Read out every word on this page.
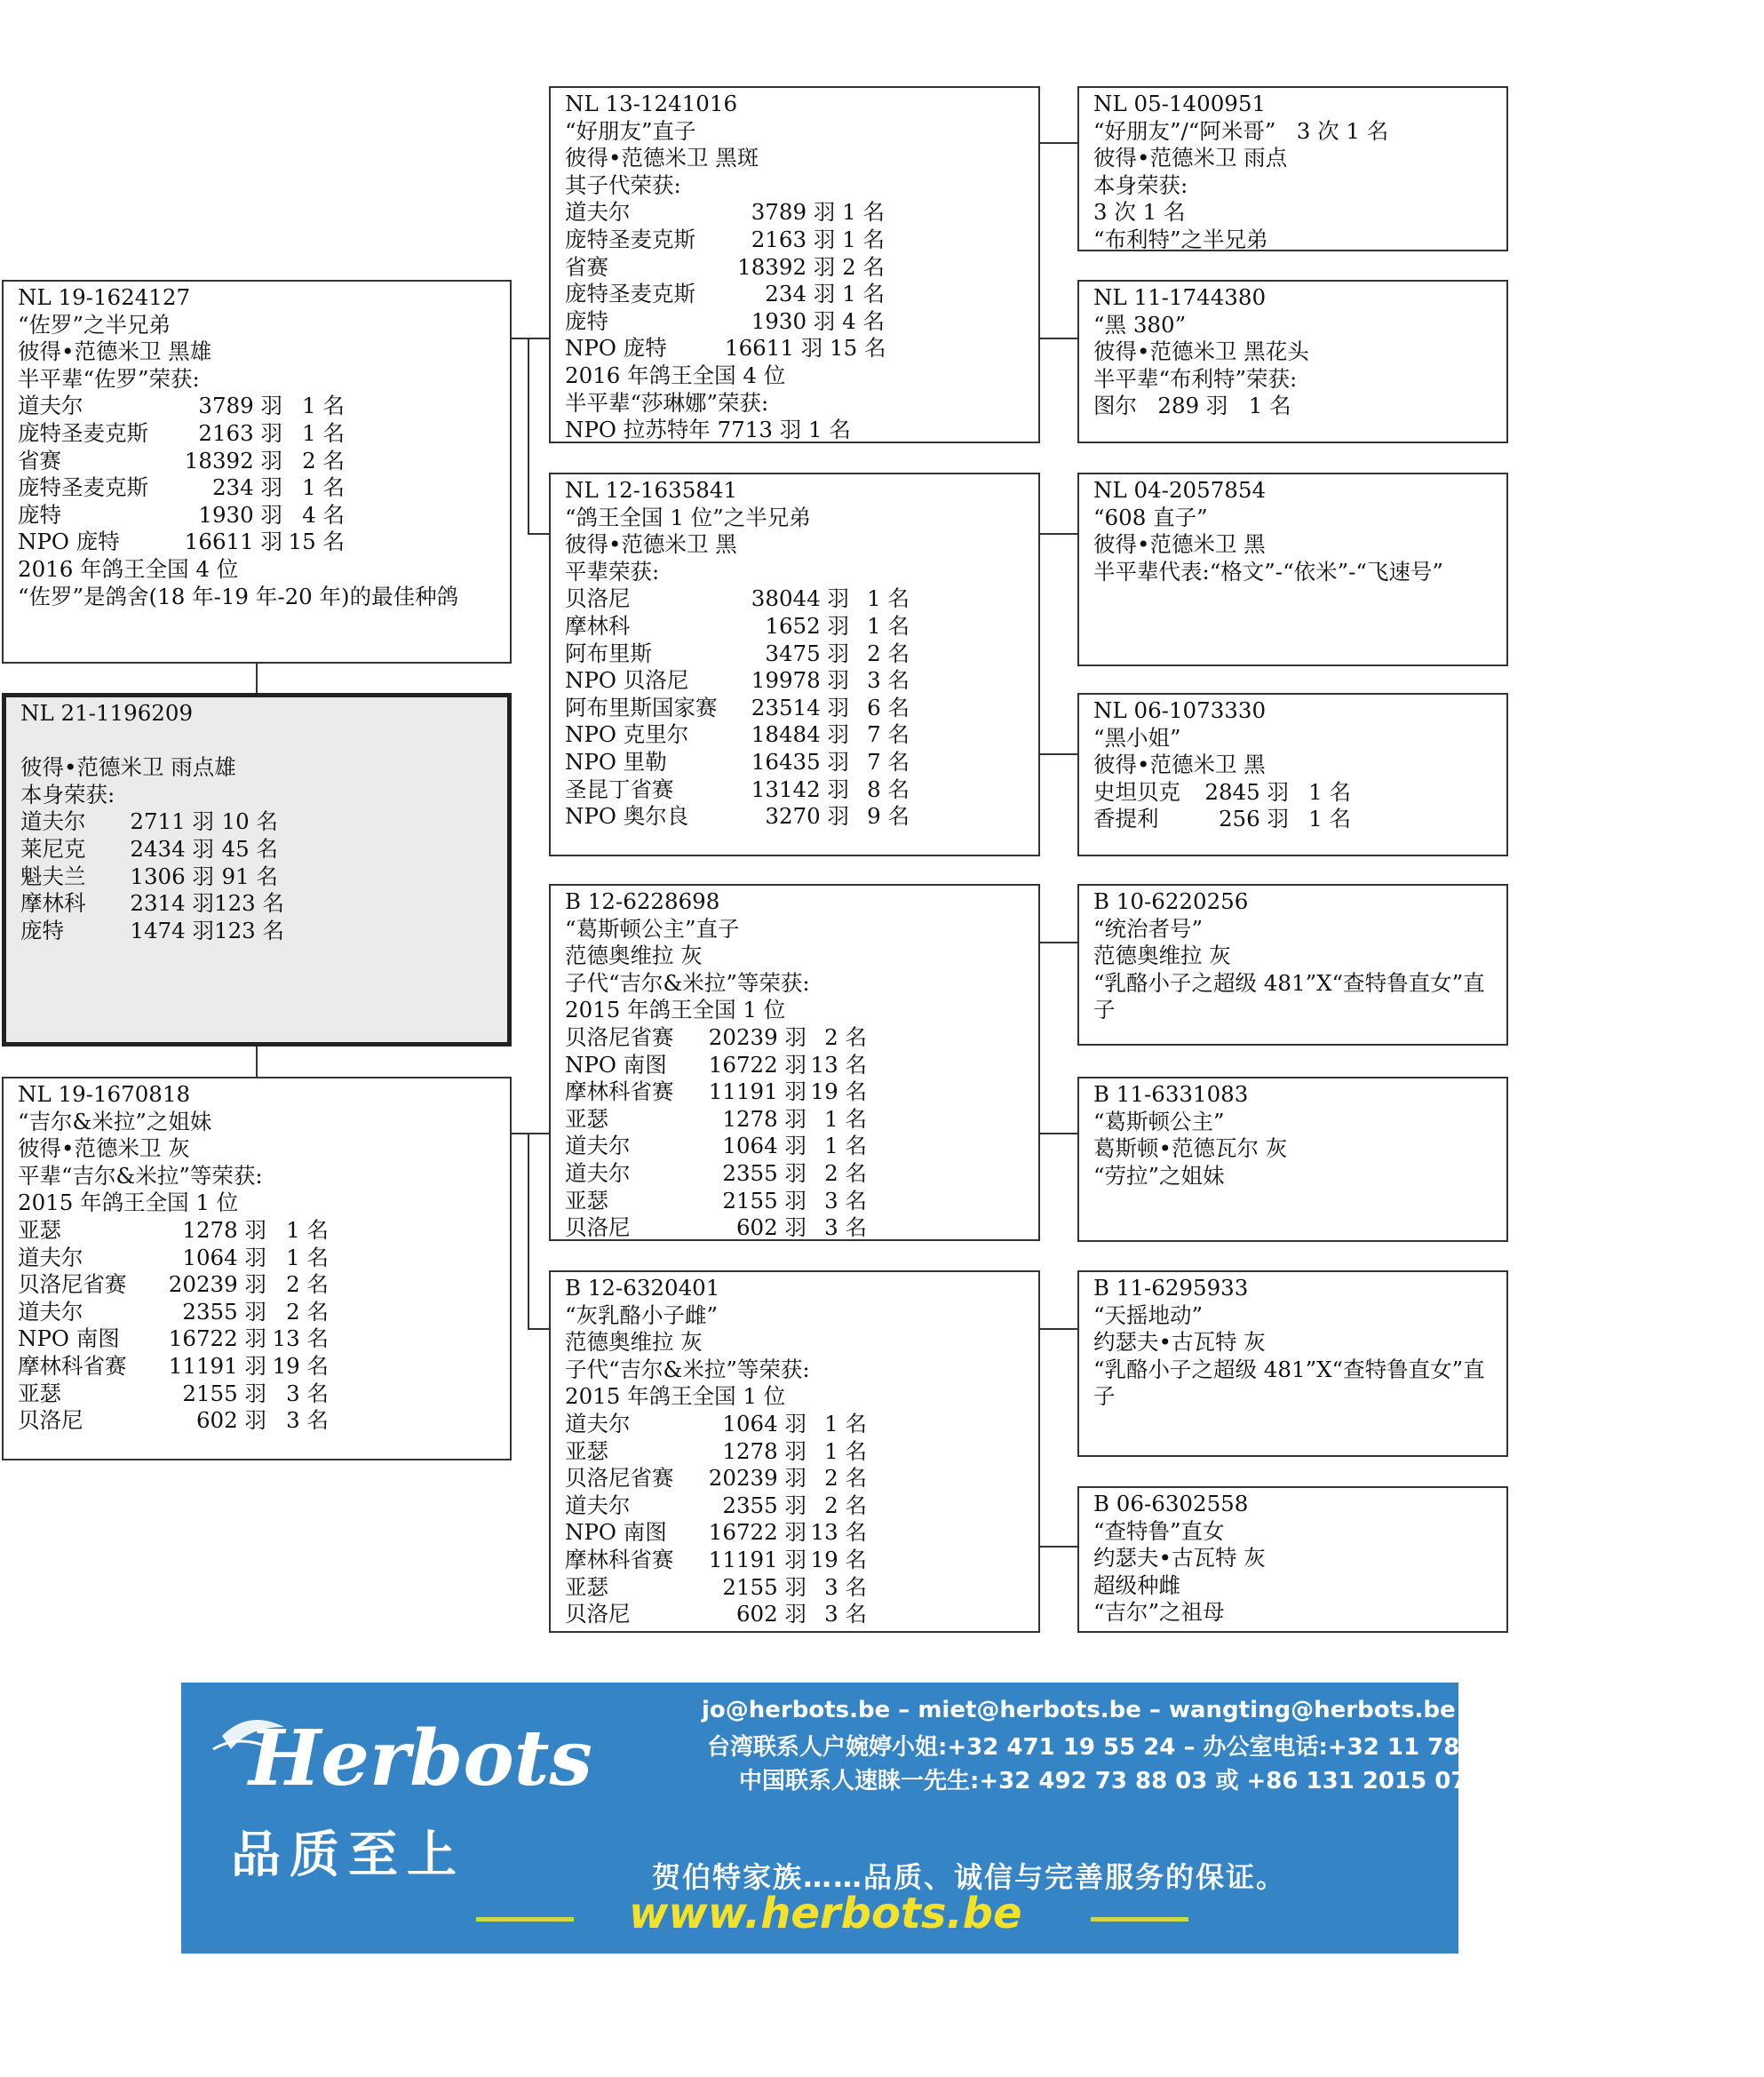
NL 19-1624127
“佐罗”之半兄弟
彼得•范德米卫 黑雄
半平辈“佐罗”荣获:
道夫尔	3789 羽 1 名
庞特圣麦克斯 2163 羽 1 名
省赛	18392 羽 2 名
庞特圣麦克斯	234 羽 1 名
庞特	1930 羽 4 名
NPO 庞特	16611 羽 15 名
2016 年鸽王全国 4 位
“佐罗”是鸽舍(18 年-19 年-20 年)的最佳种鸽
NL 21-1196209

彼得•范德米卫 雨点雄
本身荣获:
道夫尔 2711 羽 10 名
莱尼克 2434 羽 45 名
魁夫兰 1306 羽 91 名
摩林科 2314 羽123 名
庞特	1474 羽123 名
NL 19-1670818
“吉尔&米拉”之姐妹
彼得•范德米卫 灰
平辈“吉尔&米拉”等荣获:
2015 年鸽王全国 1 位
亚瑟	1278 羽 1 名
道夫尔	1064 羽 1 名
贝洛尼省赛 20239 羽 2 名
道夫尔	2355 羽 2 名
NPO 南图 16722 羽 13 名
摩林科省赛 11191 羽 19 名
亚瑟	2155 羽 3 名
贝洛尼	602 羽 3 名
NL 13-1241016
“好朋友”直子
彼得•范德米卫 黑斑
其子代荣获:
道夫尔	3789 羽 1 名
庞特圣麦克斯	2163 羽 1 名
省赛	18392 羽 2 名
庞特圣麦克斯	234 羽 1 名
庞特	1930 羽 4 名
NPO 庞特	16611 羽 15 名
2016 年鸽王全国 4 位
半平辈“莎琳娜”荣获:
NPO 拉苏特年 7713 羽 1 名
NL 12-1635841
“鸽王全国 1 位”之半兄弟
彼得•范德米卫 黑
平辈荣获:
贝洛尼	38044 羽 1 名
摩林科	1652 羽 1 名
阿布里斯	3475 羽 2 名
NPO 贝洛尼	19978 羽 3 名
阿布里斯国家赛 23514 羽 6 名
NPO 克里尔	18484 羽 7 名
NPO 里勒	16435 羽 7 名
圣昆丁省赛	13142 羽 8 名
NPO 奥尔良	3270 羽 9 名
B 12-6228698
“葛斯顿公主”直子
范德奥维拉 灰
子代“吉尔&米拉”等荣获:
2015 年鸽王全国 1 位
贝洛尼省赛 20239 羽 2 名
NPO 南图 16722 羽 13 名
摩林科省赛 11191 羽 19 名
亚瑟	1278 羽 1 名
道夫尔	1064 羽 1 名
道夫尔	2355 羽 2 名
亚瑟	2155 羽 3 名
贝洛尼	602 羽 3 名
B 12-6320401
“灰乳酪小子雌”
范德奥维拉 灰
子代“吉尔&米拉”等荣获:
2015 年鸽王全国 1 位
道夫尔	1064 羽 1 名
亚瑟	1278 羽 1 名
贝洛尼省赛 20239 羽 2 名
道夫尔	2355 羽 2 名
NPO 南图 16722 羽 13 名
摩林科省赛 11191 羽 19 名
亚瑟	2155 羽 3 名
贝洛尼	602 羽 3 名
NL 05-1400951
“好朋友”/“阿米哥”   3 次 1 名
彼得•范德米卫 雨点
本身荣获:
3 次 1 名
“布利特”之半兄弟
NL 11-1744380
“黑 380”
彼得•范德米卫 黑花头
半平辈“布利特”荣获:
图尔   289 羽   1 名
NL 04-2057854
“608 直子”
彼得•范德米卫 黑
半平辈代表:“格文”-“依米”-“飞速号”
NL 06-1073330
“黑小姐”
彼得•范德米卫 黑
史坦贝克 2845 羽 1 名
香提利	256 羽 1 名
B 10-6220256
“统治者号”
范德奥维拉 灰
“乳酪小子之超级 481”X“查特鲁直女”直子
B 11-6331083
“葛斯顿公主”
葛斯顿•范德瓦尔 灰
“劳拉”之姐妹
B 11-6295933
“天摇地动”
约瑟夫•古瓦特 灰
“乳酪小子之超级 481”X“查特鲁直女”直子
B 06-6302558
“查特鲁”直女
约瑟夫•古瓦特 灰
超级种雌
“吉尔”之祖母
Herbots
品质至上
jo@herbots.be – miet@herbots.be – wangting@herbots.be - pieterjan@herbots.be
台湾联系人户婉婷小姐:+32 471 19 55 24 – 办公室电话:+32 11 78 91 90
中国联系人速睐一先生:+32 492 73 88 03 或 +86 131 2015 0755
贺伯特家族……品质、诚信与完善服务的保证。
www.herbots.be
